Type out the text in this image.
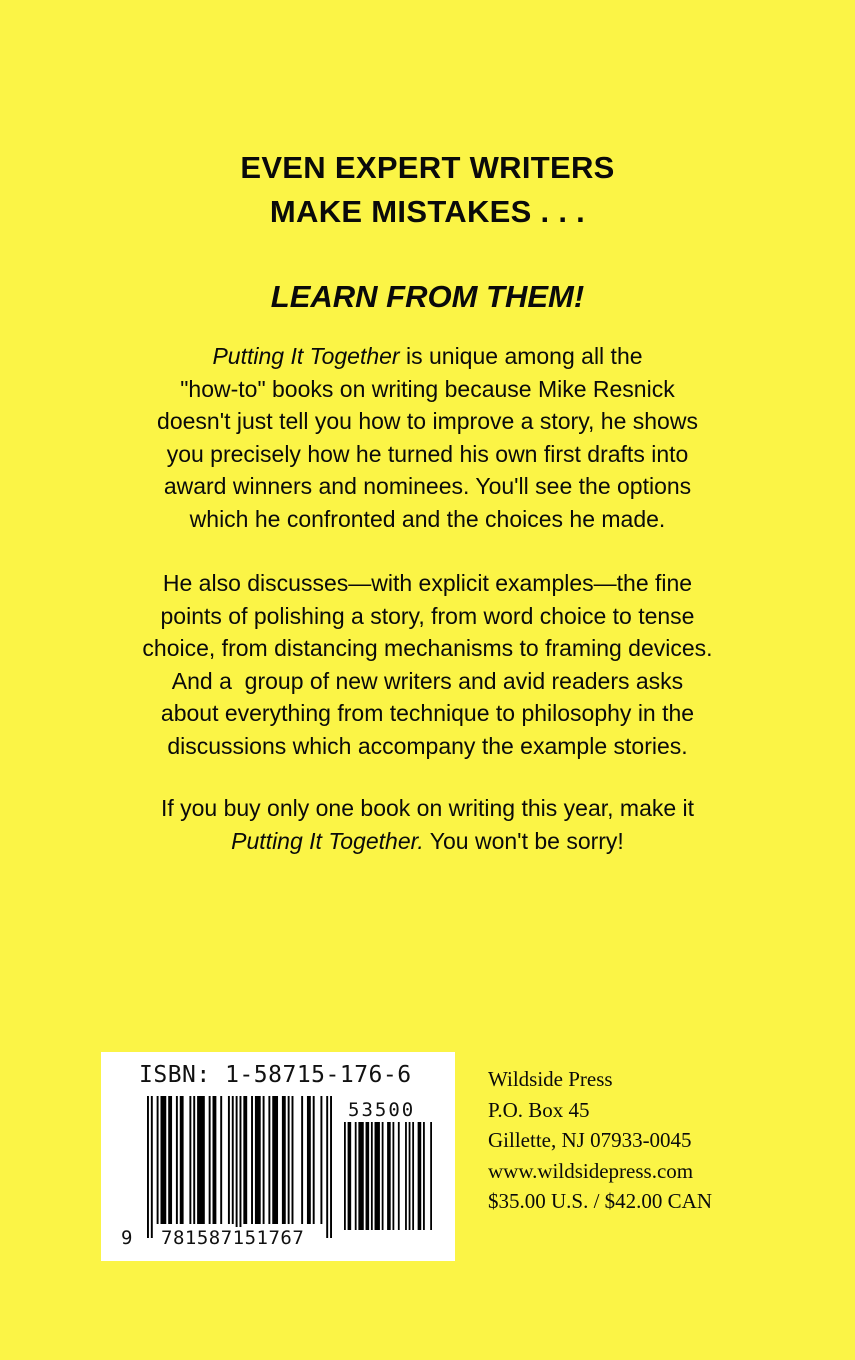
EVEN EXPERT WRITERS
MAKE MISTAKES . . .
LEARN FROM THEM!
Putting It Together is unique among all the
"how-to" books on writing because Mike Resnick
doesn't just tell you how to improve a story, he shows
you precisely how he turned his own first drafts into
award winners and nominees. You'll see the options
which he confronted and the choices he made.
He also discusses—with explicit examples—the fine
points of polishing a story, from word choice to tense
choice, from distancing mechanisms to framing devices.
And a  group of new writers and avid readers asks
about everything from technique to philosophy in the
discussions which accompany the example stories.
If you buy only one book on writing this year, make it
Putting It Together. You won't be sorry!
ISBN: 1-58715-176-6
53500
9 781587151767
Wildside Press
P.O. Box 45
Gillette, NJ 07933-0045
www.wildsidepress.com
$35.00 U.S. / $42.00 CAN
